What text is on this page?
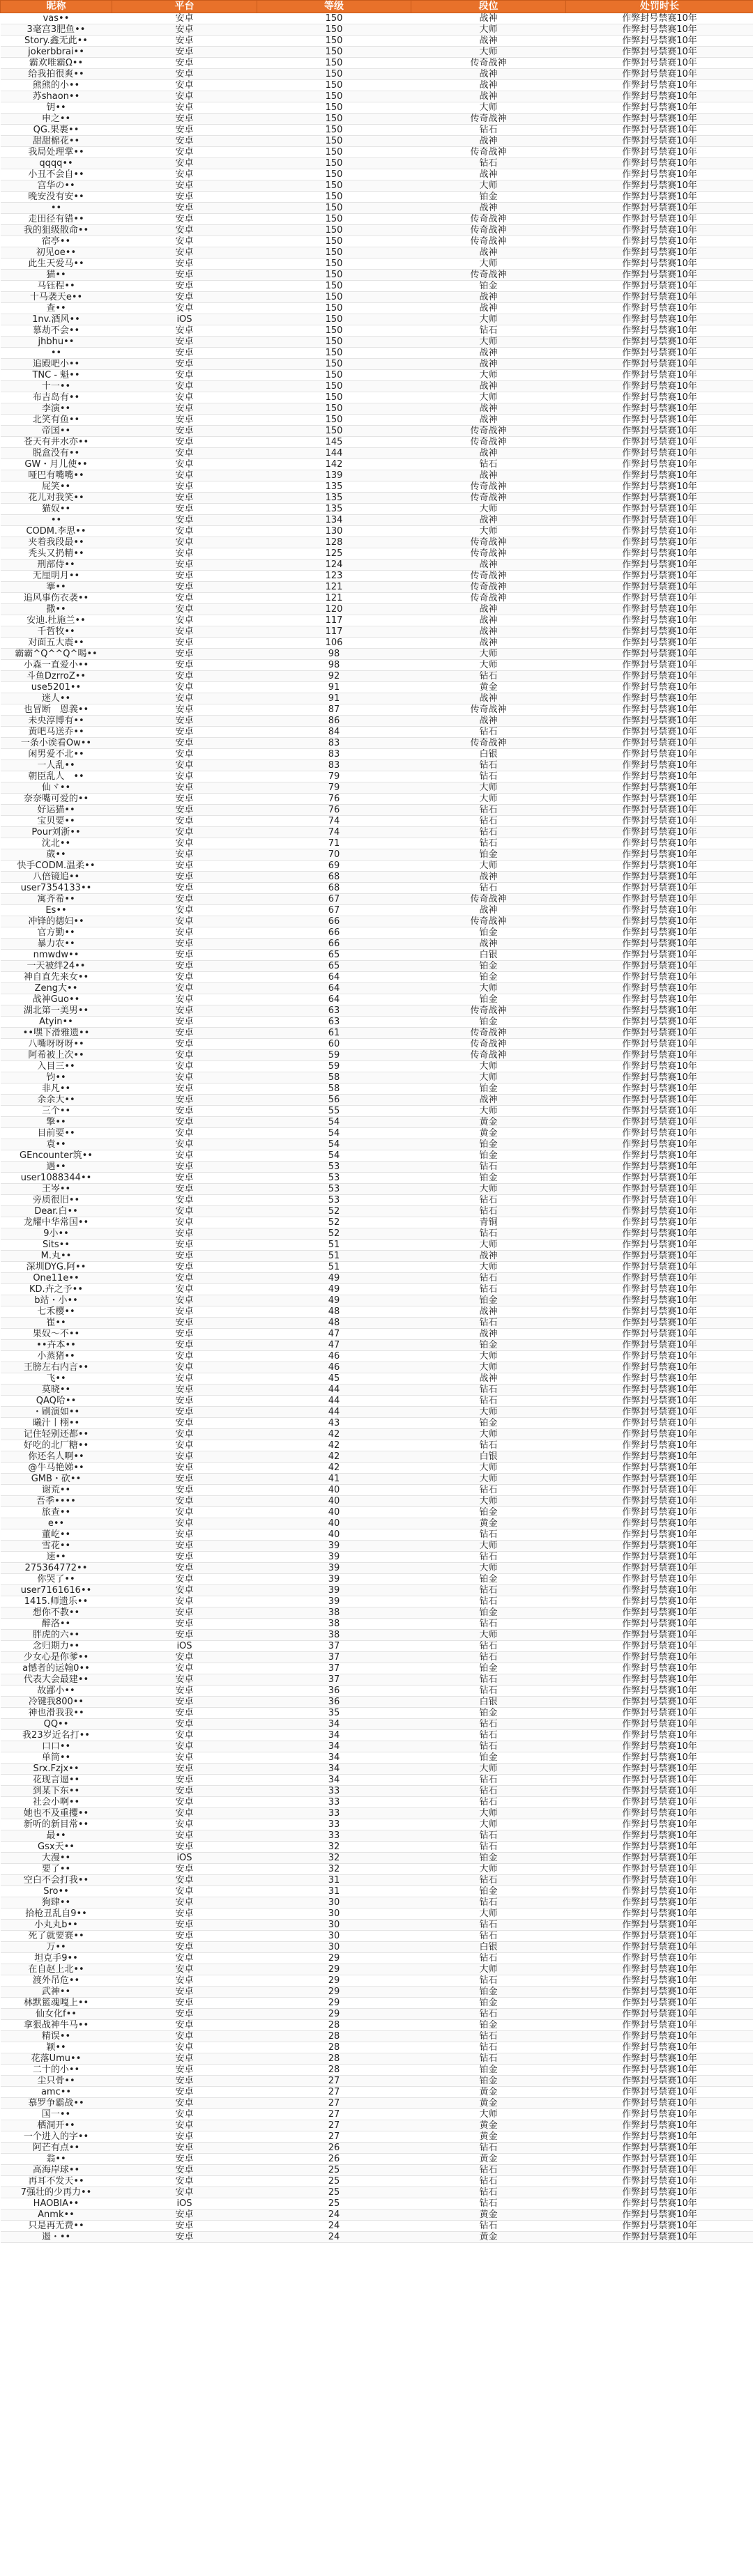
昵称	平台	等级	段位	处罚时长
vas••	安卓	150	战神	作弊封号禁赛10年
3毫宫3肥鱼••	安卓	150	大师	作弊封号禁赛10年
Story.鑫无此••	安卓	150	战神	作弊封号禁赛10年
jokerbbrai••	安卓	150	大师	作弊封号禁赛10年
霸欢唯霸Ω••	安卓	150	传奇战神	作弊封号禁赛10年
给我拍很爽••	安卓	150	战神	作弊封号禁赛10年
熊熊的小••	安卓	150	战神	作弊封号禁赛10年
苏shaon••	安卓	150	战神	作弊封号禁赛10年
钥••	安卓	150	大师	作弊封号禁赛10年
申之••	安卓	150	传奇战神	作弊封号禁赛10年
QG.果裹••	安卓	150	钻石	作弊封号禁赛10年
甜甜棉花••	安卓	150	战神	作弊封号禁赛10年
我局处理掌••	安卓	150	传奇战神	作弊封号禁赛10年
qqqq••	安卓	150	钻石	作弊封号禁赛10年
小丑不会自••	安卓	150	战神	作弊封号禁赛10年
宫华の••	安卓	150	大师	作弊封号禁赛10年
晚安没有安••	安卓	150	铂金	作弊封号禁赛10年
••	安卓	150	战神	作弊封号禁赛10年
走田径有错••	安卓	150	传奇战神	作弊封号禁赛10年
我的狙级散命••	安卓	150	传奇战神	作弊封号禁赛10年
宿亭••	安卓	150	传奇战神	作弊封号禁赛10年
初见oe••	安卓	150	战神	作弊封号禁赛10年
此生天爱马••	安卓	150	大师	作弊封号禁赛10年
猫••	安卓	150	传奇战神	作弊封号禁赛10年
马钰程••	安卓	150	铂金	作弊封号禁赛10年
十马袭天e••	安卓	150	战神	作弊封号禁赛10年
查••	安卓	150	战神	作弊封号禁赛10年
1nv.酒风••	iOS	150	大师	作弊封号禁赛10年
慕劫不会••	安卓	150	钻石	作弊封号禁赛10年
jhbhu••	安卓	150	大师	作弊封号禁赛10年
••	安卓	150	战神	作弊封号禁赛10年
追殿吧小••	安卓	150	战神	作弊封号禁赛10年
TNC - 魁••	安卓	150	大师	作弊封号禁赛10年
十一••	安卓	150	战神	作弊封号禁赛10年
布吉岛有••	安卓	150	大师	作弊封号禁赛10年
李演••	安卓	150	战神	作弊封号禁赛10年
北笑有鱼••	安卓	150	战神	作弊封号禁赛10年
帝国••	安卓	150	传奇战神	作弊封号禁赛10年
苍天有井水亦••	安卓	145	传奇战神	作弊封号禁赛10年
脱盒没有••	安卓	144	战神	作弊封号禁赛10年
GW・月儿使••	安卓	142	钻石	作弊封号禁赛10年
哑巴有嘴嘴••	安卓	139	战神	作弊封号禁赛10年
屁笑••	安卓	135	传奇战神	作弊封号禁赛10年
花儿对我笑••	安卓	135	传奇战神	作弊封号禁赛10年
猫奴••	安卓	135	大师	作弊封号禁赛10年
••	安卓	134	战神	作弊封号禁赛10年
CODM.李思••	安卓	130	大师	作弊封号禁赛10年
夹着我段最••	安卓	128	传奇战神	作弊封号禁赛10年
秃头又扔精••	安卓	125	传奇战神	作弊封号禁赛10年
刑部侍••	安卓	124	战神	作弊封号禁赛10年
无厘明月••	安卓	123	传奇战神	作弊封号禁赛10年
搴••	安卓	121	传奇战神	作弊封号禁赛10年
追风事伤衣袭••	安卓	121	传奇战神	作弊封号禁赛10年
撒••	安卓	120	战神	作弊封号禁赛10年
安迪.杜施兰••	安卓	117	战神	作弊封号禁赛10年
千哲牧••	安卓	117	战神	作弊封号禁赛10年
对面五大震••	安卓	106	战神	作弊封号禁赛10年
霸霸^Q^^Q^喝••	安卓	98	大师	作弊封号禁赛10年
小森一直爱小••	安卓	98	大师	作弊封号禁赛10年
斗鱼DzrroZ••	安卓	92	钻石	作弊封号禁赛10年
use5201••	安卓	91	黄金	作弊封号禁赛10年
迷人••	安卓	91	战神	作弊封号禁赛10年
也冒断　恩義••	安卓	87	传奇战神	作弊封号禁赛10年
未央淳博有••	安卓	86	战神	作弊封号禁赛10年
黄吧马送乔••	安卓	84	钻石	作弊封号禁赛10年
一条小诶看Ow••	安卓	83	传奇战神	作弊封号禁赛10年
闲男爱不北••	安卓	83	白银	作弊封号禁赛10年
一人乱••	安卓	83	钻石	作弊封号禁赛10年
朝臣乱人　••	安卓	79	钻石	作弊封号禁赛10年
仙ヾ••	安卓	79	大师	作弊封号禁赛10年
奈奈嘴可爱的••	安卓	76	大师	作弊封号禁赛10年
好运猫••	安卓	76	钻石	作弊封号禁赛10年
宝贝要••	安卓	74	钻石	作弊封号禁赛10年
Pour刘浙••	安卓	74	钻石	作弊封号禁赛10年
沈北••	安卓	71	钻石	作弊封号禁赛10年
葳••	安卓	70	铂金	作弊封号禁赛10年
快手CODM.温柔••	安卓	69	大师	作弊封号禁赛10年
八倍镜追••	安卓	68	战神	作弊封号禁赛10年
user7354133••	安卓	68	钻石	作弊封号禁赛10年
寓齐希••	安卓	67	传奇战神	作弊封号禁赛10年
Es••	安卓	67	战神	作弊封号禁赛10年
冲锋的德妇••	安卓	66	传奇战神	作弊封号禁赛10年
官方勤••	安卓	66	铂金	作弊封号禁赛10年
暴力农••	安卓	66	战神	作弊封号禁赛10年
nmwdw••	安卓	65	白银	作弊封号禁赛10年
一天被绊24••	安卓	65	铂金	作弊封号禁赛10年
神自直先来女••	安卓	64	铂金	作弊封号禁赛10年
Zeng大••	安卓	64	大师	作弊封号禁赛10年
战神Guo••	安卓	64	铂金	作弊封号禁赛10年
湖北第一美男••	安卓	63	传奇战神	作弊封号禁赛10年
Atyin••	安卓	63	铂金	作弊封号禁赛10年
••嘿下滑雅遗••	安卓	61	传奇战神	作弊封号禁赛10年
八嘴呀呀呀••	安卓	60	传奇战神	作弊封号禁赛10年
阿希被上次••	安卓	59	传奇战神	作弊封号禁赛10年
入目三••	安卓	59	大师	作弊封号禁赛10年
钧••	安卓	58	大师	作弊封号禁赛10年
非凡••	安卓	58	铂金	作弊封号禁赛10年
余余大••	安卓	56	战神	作弊封号禁赛10年
三个••	安卓	55	大师	作弊封号禁赛10年
擎••	安卓	54	黄金	作弊封号禁赛10年
目前要••	安卓	54	黄金	作弊封号禁赛10年
袁••	安卓	54	铂金	作弊封号禁赛10年
GEncounter筑••	安卓	54	铂金	作弊封号禁赛10年
遇••	安卓	53	钻石	作弊封号禁赛10年
user1088344••	安卓	53	铂金	作弊封号禁赛10年
王岑••	安卓	53	大师	作弊封号禁赛10年
旁质很旧••	安卓	53	钻石	作弊封号禁赛10年
Dear.白••	安卓	52	钻石	作弊封号禁赛10年
龙耀中华常国••	安卓	52	青铜	作弊封号禁赛10年
9小••	安卓	52	钻石	作弊封号禁赛10年
Sits••	安卓	51	大师	作弊封号禁赛10年
M.丸••	安卓	51	战神	作弊封号禁赛10年
深圳DYG.阿••	安卓	51	大师	作弊封号禁赛10年
One11e••	安卓	49	钻石	作弊封号禁赛10年
KD.卉之予••	安卓	49	钻石	作弊封号禁赛10年
b站・小••	安卓	49	铂金	作弊封号禁赛10年
七禾樱••	安卓	48	战神	作弊封号禁赛10年
崔••	安卓	48	钻石	作弊封号禁赛10年
果奴〜不••	安卓	47	战神	作弊封号禁赛10年
••卉本••	安卓	47	铂金	作弊封号禁赛10年
小蒸猪••	安卓	46	大师	作弊封号禁赛10年
王膀左右内言••	安卓	46	大师	作弊封号禁赛10年
飞••	安卓	45	战神	作弊封号禁赛10年
莫晓••	安卓	44	钻石	作弊封号禁赛10年
QAQ哈••	安卓	44	钻石	作弊封号禁赛10年
・刷演如••	安卓	44	大师	作弊封号禁赛10年
曦汁丨栩••	安卓	43	铂金	作弊封号禁赛10年
记住轻别还都••	安卓	42	大师	作弊封号禁赛10年
好吃的北厂糖••	安卓	42	钻石	作弊封号禁赛10年
你还名人啊••	安卓	42	白银	作弊封号禁赛10年
@牛马艳娣••	安卓	42	大师	作弊封号禁赛10年
GMB・砍••	安卓	41	大师	作弊封号禁赛10年
谢荒••	安卓	40	钻石	作弊封号禁赛10年
吾季••••	安卓	40	大师	作弊封号禁赛10年
旅查••	安卓	40	铂金	作弊封号禁赛10年
e••	安卓	40	黄金	作弊封号禁赛10年
董屹••	安卓	40	钻石	作弊封号禁赛10年
雪花••	安卓	39	大师	作弊封号禁赛10年
速••	安卓	39	钻石	作弊封号禁赛10年
275364772••	安卓	39	大师	作弊封号禁赛10年
你哭了••	安卓	39	铂金	作弊封号禁赛10年
user7161616••	安卓	39	钻石	作弊封号禁赛10年
1415.师遗乐••	安卓	39	钻石	作弊封号禁赛10年
想你不教••	安卓	38	铂金	作弊封号禁赛10年
醉洛••	安卓	38	钻石	作弊封号禁赛10年
胖虎的六••	安卓	38	大师	作弊封号禁赛10年
念归期力••	iOS	37	钻石	作弊封号禁赛10年
少女心是你爹••	安卓	37	钻石	作弊封号禁赛10年
a憾者的运翰0••	安卓	37	铂金	作弊封号禁赛10年
代表大会最建••	安卓	37	钻石	作弊封号禁赛10年
故鄙小••	安卓	36	钻石	作弊封号禁赛10年
冷键我800••	安卓	36	白银	作弊封号禁赛10年
神也滑我我••	安卓	35	铂金	作弊封号禁赛10年
QQ••	安卓	34	钻石	作弊封号禁赛10年
我23岁近名打••	安卓	34	钻石	作弊封号禁赛10年
口口••	安卓	34	钻石	作弊封号禁赛10年
单筒••	安卓	34	铂金	作弊封号禁赛10年
Srx.Fzjx••	安卓	34	大师	作弊封号禁赛10年
花现言逼••	安卓	34	钻石	作弊封号禁赛10年
到某下东••	安卓	33	钻石	作弊封号禁赛10年
社会小啊••	安卓	33	钻石	作弊封号禁赛10年
她也不及重攫••	安卓	33	大师	作弊封号禁赛10年
新听的新目常••	安卓	33	大师	作弊封号禁赛10年
最••	安卓	33	钻石	作弊封号禁赛10年
Gsx天••	安卓	32	钻石	作弊封号禁赛10年
大漫••	iOS	32	铂金	作弊封号禁赛10年
要了••	安卓	32	大师	作弊封号禁赛10年
空白不会打我••	安卓	31	钻石	作弊封号禁赛10年
Sro••	安卓	31	铂金	作弊封号禁赛10年
狗肆••	安卓	30	钻石	作弊封号禁赛10年
拾枪丑乱自9••	安卓	30	大师	作弊封号禁赛10年
小丸丸b••	安卓	30	钻石	作弊封号禁赛10年
死了就要赛••	安卓	30	钻石	作弊封号禁赛10年
万••	安卓	30	白银	作弊封号禁赛10年
坦克手9••	安卓	29	钻石	作弊封号禁赛10年
在自赵上北••	安卓	29	大师	作弊封号禁赛10年
渡外吊危••	安卓	29	钻石	作弊封号禁赛10年
武神••	安卓	29	铂金	作弊封号禁赛10年
林默籃魂嘎上••	安卓	29	铂金	作弊封号禁赛10年
仙女化f••	安卓	29	钻石	作弊封号禁赛10年
拿狠战神牛马••	安卓	28	铂金	作弊封号禁赛10年
精误••	安卓	28	钻石	作弊封号禁赛10年
颖••	安卓	28	钻石	作弊封号禁赛10年
花落Umu••	安卓	28	钻石	作弊封号禁赛10年
二十的小••	安卓	28	铂金	作弊封号禁赛10年
尘只骨••	安卓	27	铂金	作弊封号禁赛10年
amc••	安卓	27	黄金	作弊封号禁赛10年
慕罗争霸战••	安卓	27	黄金	作弊封号禁赛10年
国一••	安卓	27	大师	作弊封号禁赛10年
栖洞开••	安卓	27	黄金	作弊封号禁赛10年
一个进入的字••	安卓	27	黄金	作弊封号禁赛10年
阿芒有点••	安卓	26	钻石	作弊封号禁赛10年
翁••	安卓	26	黄金	作弊封号禁赛10年
高海岸球••	安卓	25	钻石	作弊封号禁赛10年
再耳不发天••	安卓	25	钻石	作弊封号禁赛10年
7强壮的少再力••	安卓	25	钻石	作弊封号禁赛10年
HAOBIA••	iOS	25	钻石	作弊封号禁赛10年
Anmk••	安卓	24	黄金	作弊封号禁赛10年
只是再无费••	安卓	24	钻石	作弊封号禁赛10年
遏・••	安卓	24	黄金	作弊封号禁赛10年
